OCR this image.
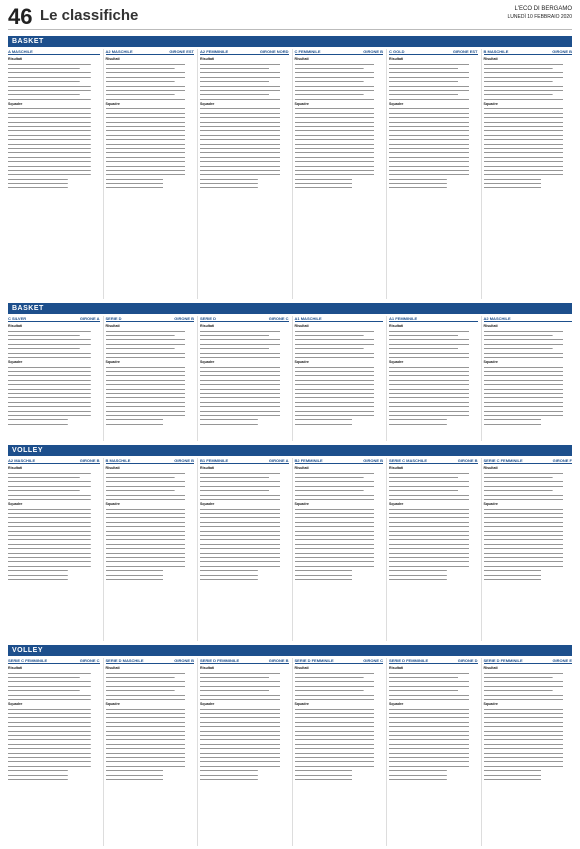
46 Le classifiche	L'ECO DI BERGAMO
LUNEDÌ 10 FEBBRAIO 2020
BASKET
A MASCHILE
Risultati
Squadre
A2 MASCHILE	GIRONE EST
Risultati
Squadre
A2 FEMMINILE	GIRONE NORD
Risultati
Squadre
C FEMMINILE	GIRONE B
Risultati
Squadre
C GOLD	GIRONE EST
Risultati
Squadre
B MASCHILE	GIRONE B
Risultati
Squadre
BASKET
C SILVER	GIRONE A
Risultati
Squadre
SERIE D	GIRONE B
Risultati
Squadre
SERIE D	GIRONE C
Risultati
Squadre
A1 MASCHILE
Risultati
Squadre
A1 FEMMINILE
Risultati
Squadre
A2 MASCHILE
Risultati
Squadre
VOLLEY
A2 MASCHILE	GIRONE B
Risultati
Squadre
B MASCHILE	GIRONE B
Risultati
Squadre
B1 FEMMINILE	GIRONE A
Risultati
Squadre
B2 FEMMINILE	GIRONE B
Risultati
Squadre
SERIE C MASCHILE	GIRONE B
Risultati
Squadre
SERIE C FEMMINILE	GIRONE F
Risultati
Squadre
VOLLEY
SERIE C FEMMINILE	GIRONE C
Risultati
Squadre
SERIE D MASCHILE	GIRONE B
Risultati
Squadre
SERIE D FEMMINILE	GIRONE B
Risultati
Squadre
SERIE D FEMMINILE	GIRONE C
Risultati
Squadre
SERIE D FEMMINILE	GIRONE D
Risultati
Squadre
SERIE D FEMMINILE	GIRONE E
Risultati
Squadre
